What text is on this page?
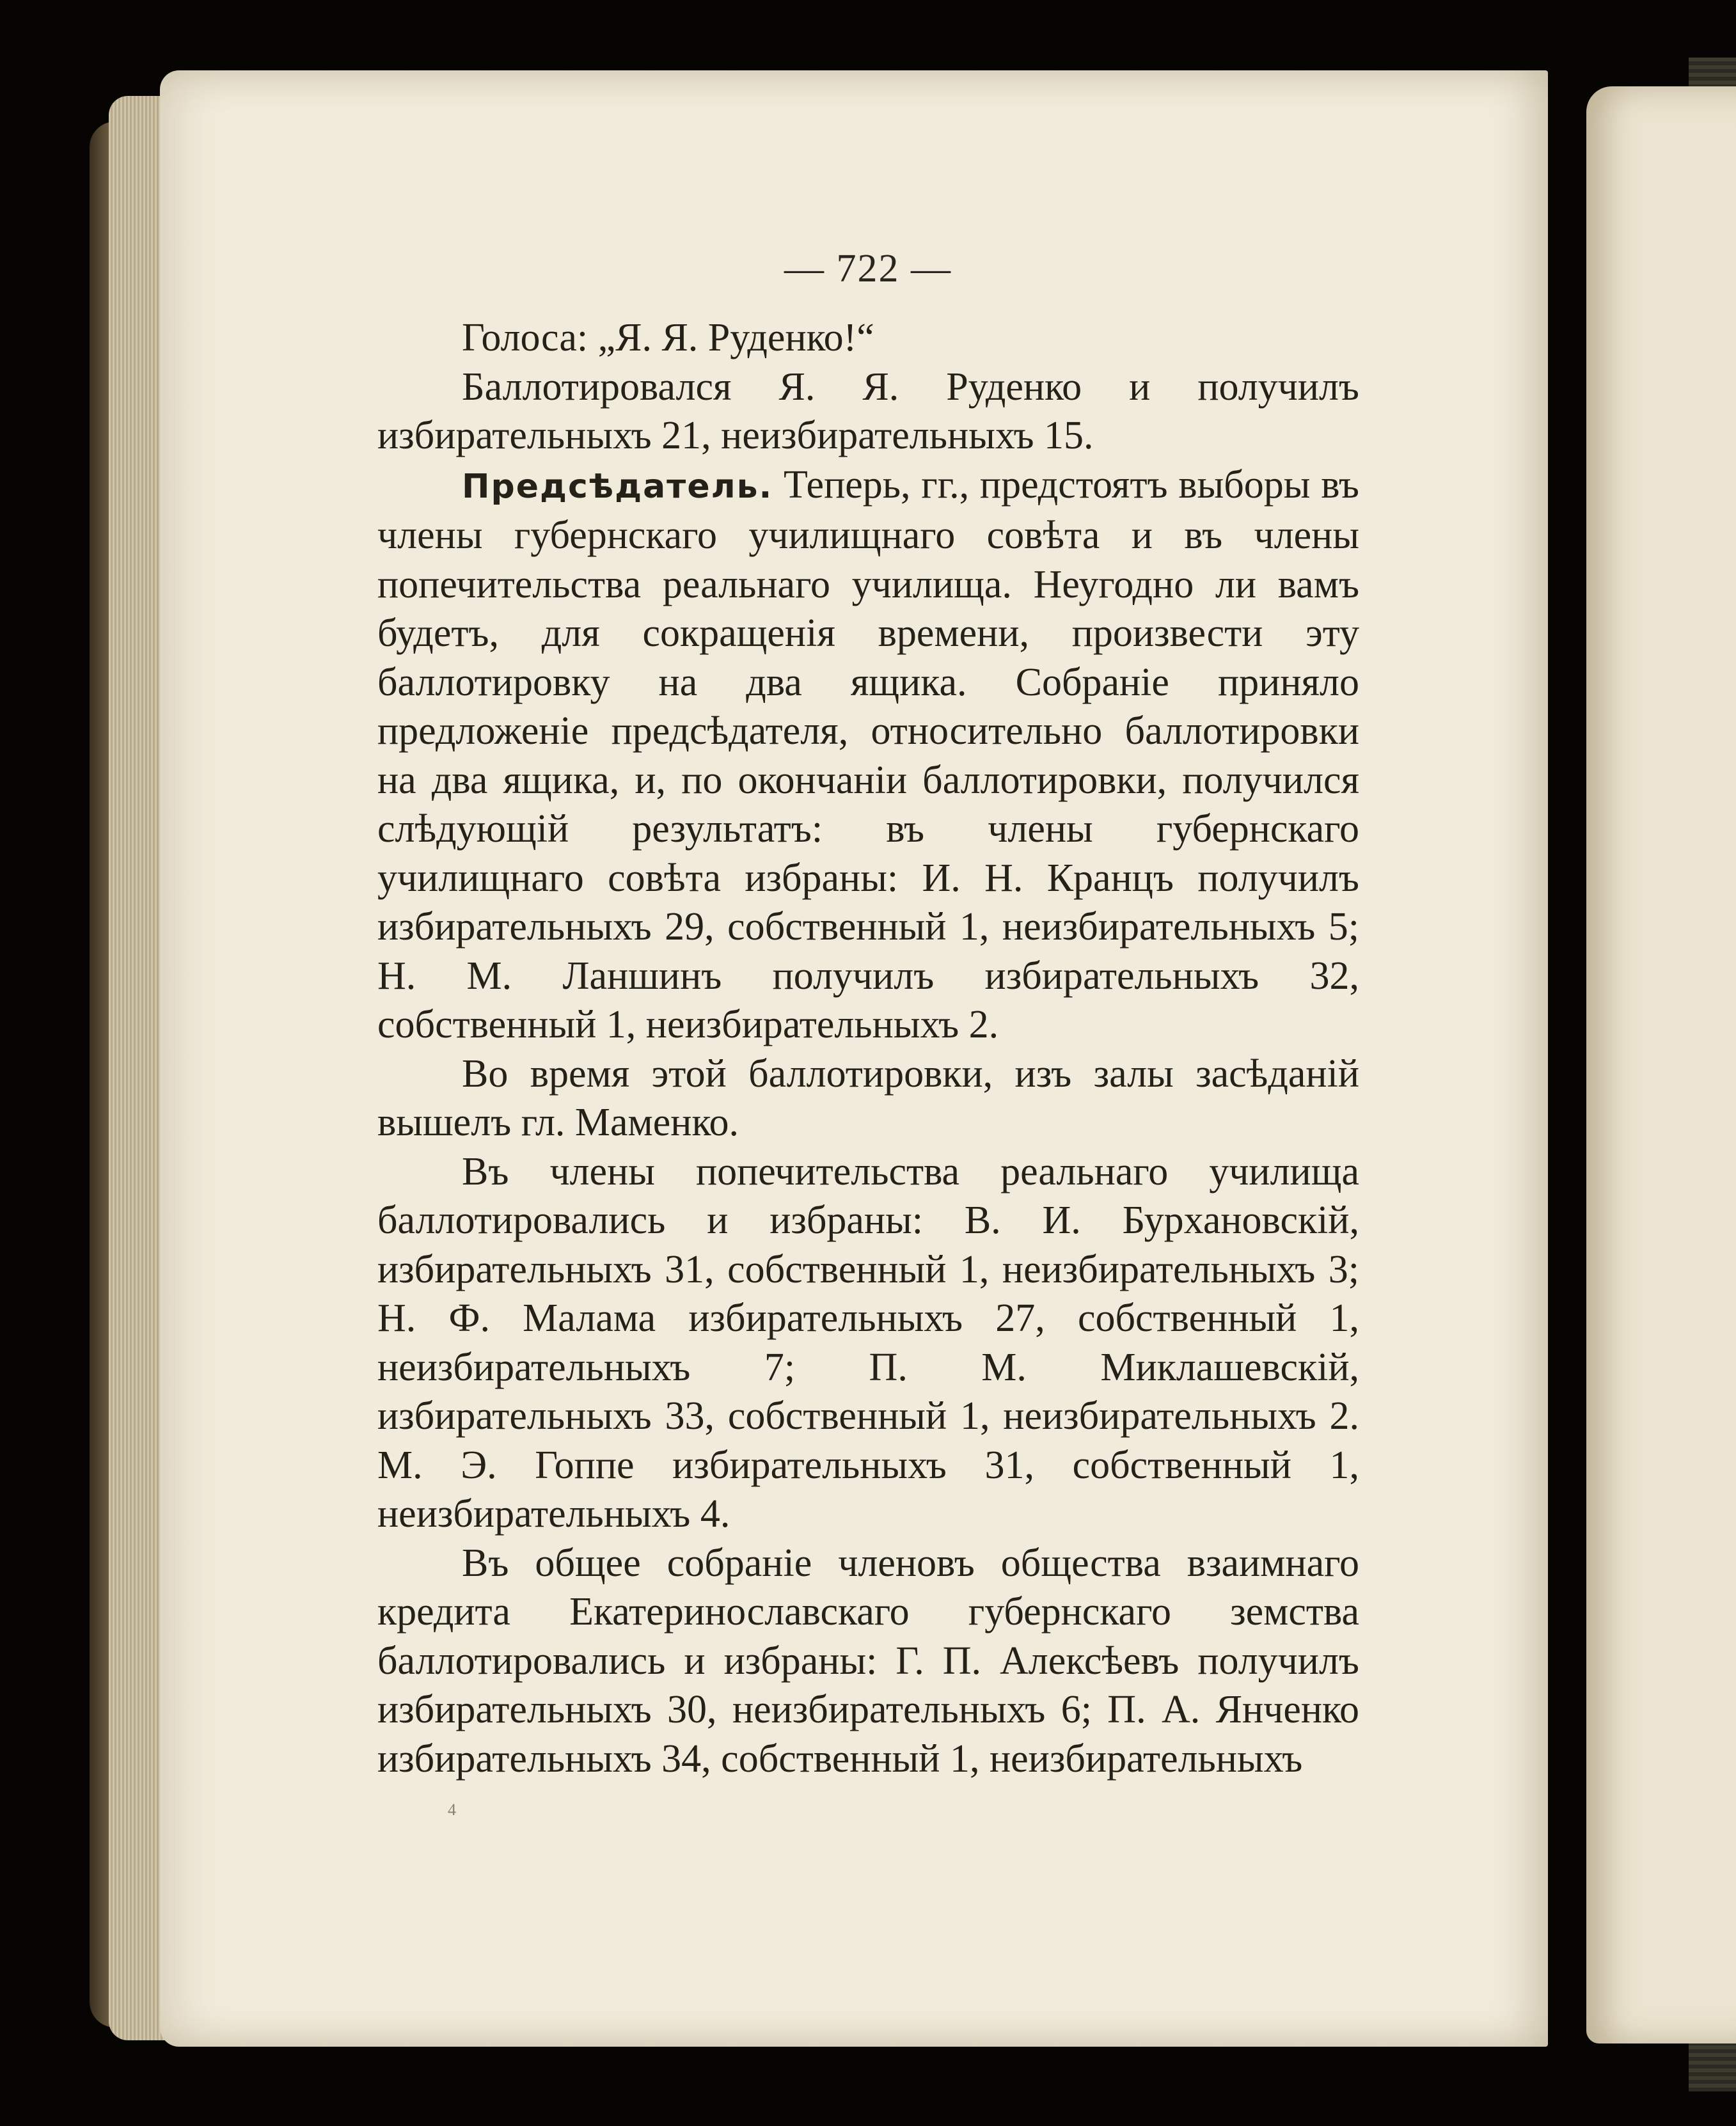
— 722 —

Голоса: „Я. Я. Руденко!“

Баллотировался Я. Я. Руденко и получилъ избирательныхъ 21, неизбирательныхъ 15.

Предсѣдатель. Теперь, гг., предстоятъ выборы въ члены губернскаго училищнаго совѣта и въ члены попечительства реальнаго училища. Неугодно ли вамъ будетъ, для сокращенія времени, произвести эту баллотировку на два ящика. Собраніе приняло предложеніе предсѣдателя, относительно баллотировки на два ящика, и, по окончаніи баллотировки, получился слѣдующій результатъ: въ члены губернскаго училищнаго совѣта избраны: И. Н. Кранцъ получилъ избирательныхъ 29, собственный 1, неизбирательныхъ 5; Н. М. Ланшинъ получилъ избирательныхъ 32, собственный 1, неизбирательныхъ 2.

Во время этой баллотировки, изъ залы засѣданій вышелъ гл. Маменко.

Въ члены попечительства реальнаго училища баллотировались и избраны: В. И. Бурхановскій, избирательныхъ 31, собственный 1, неизбирательныхъ 3; Н. Ф. Малама избирательныхъ 27, собственный 1, неизбирательныхъ 7; П. М. Миклашевскій, избирательныхъ 33, собственный 1, неизбирательныхъ 2. М. Э. Гоппе избирательныхъ 31, собственный 1, неизбирательныхъ 4.

Въ общее собраніе членовъ общества взаимнаго кредита Екатеринославскаго губернскаго земства баллотировались и избраны: Г. П. Алексѣевъ получилъ избирательныхъ 30, неизбирательныхъ 6; П. А. Янченко избирательныхъ 34, собственный 1, неизбирательныхъ

4
